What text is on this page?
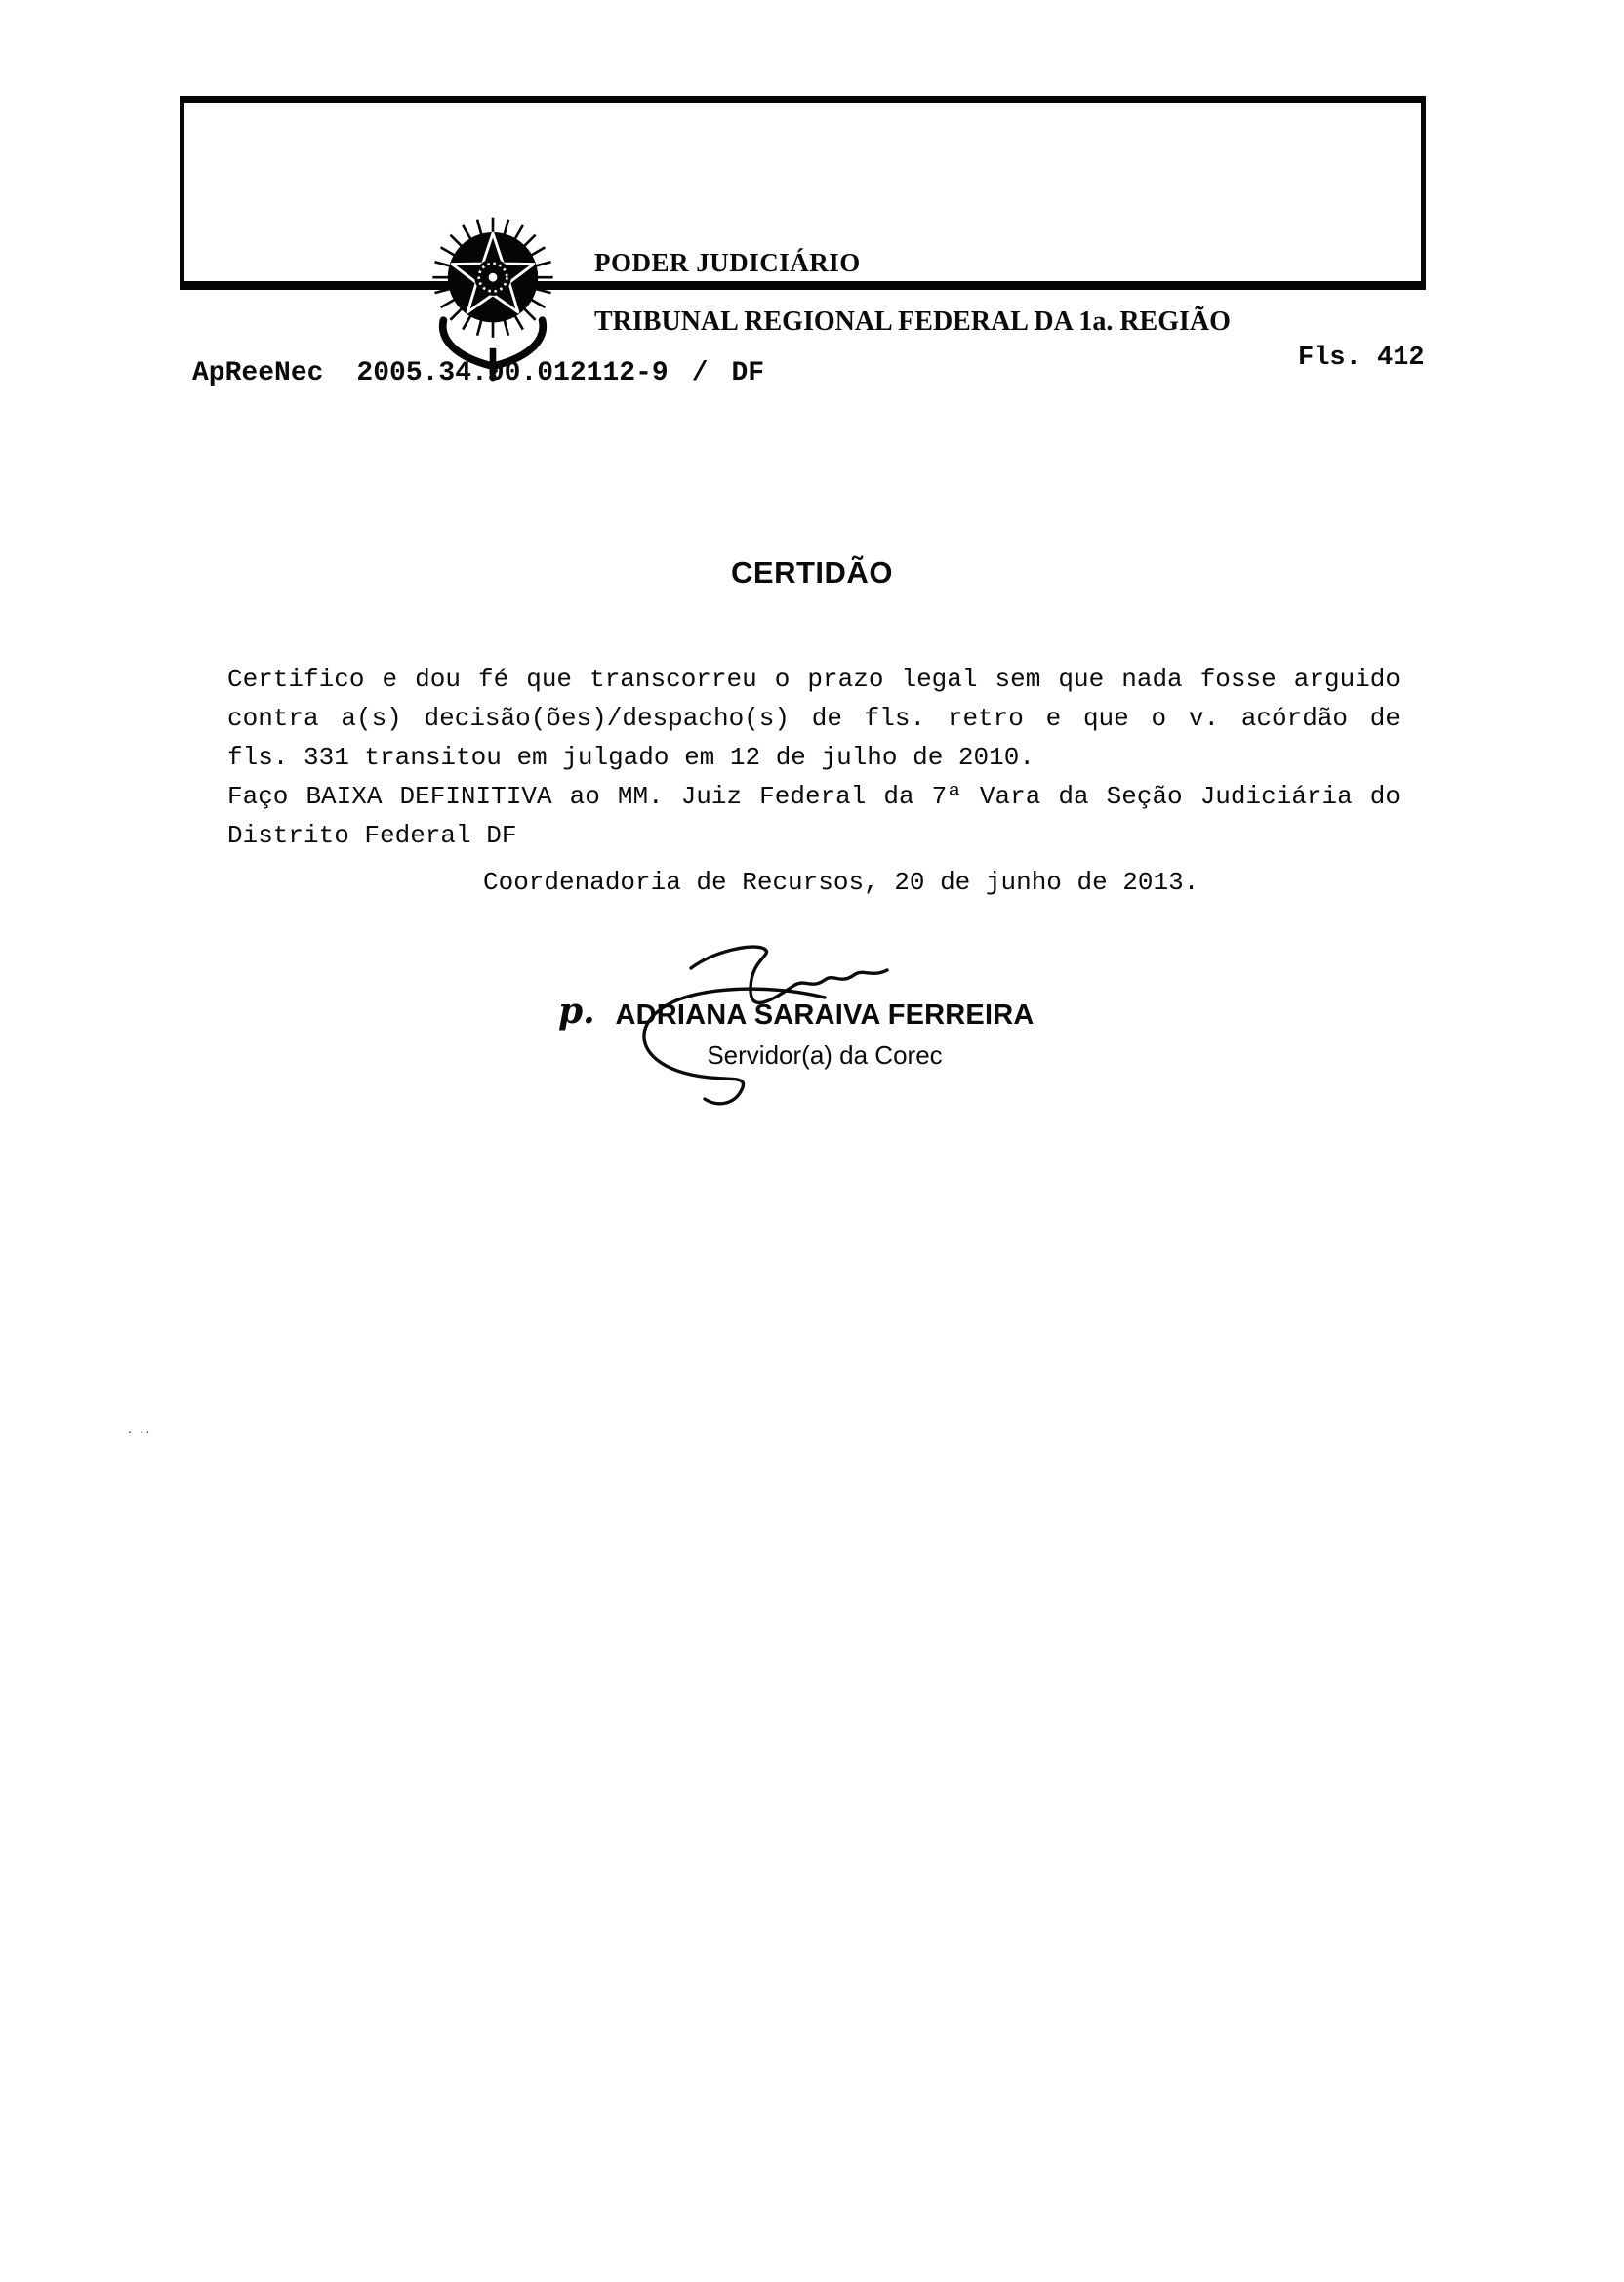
PODER JUDICIÁRIO
TRIBUNAL REGIONAL FEDERAL DA 1a. REGIÃO
ApReeNec 2005.34.00.012112-9 / DF	Fls. 412
CERTIDÃO
Certifico e dou fé que transcorreu o prazo legal sem que nada fosse arguido
contra a(s) decisão(ões)/despacho(s) de fls. retro e que o v. acórdão de
fls. 331 transitou em julgado em 12 de julho de 2010.
Faço BAIXA DEFINITIVA ao MM. Juiz Federal da 7ª Vara da Seção Judiciária do
Distrito Federal DF
Coordenadoria de Recursos, 20 de junho de 2013.
p. ADRIANA SARAIVA FERREIRA
Servidor(a) da Corec
. ..
